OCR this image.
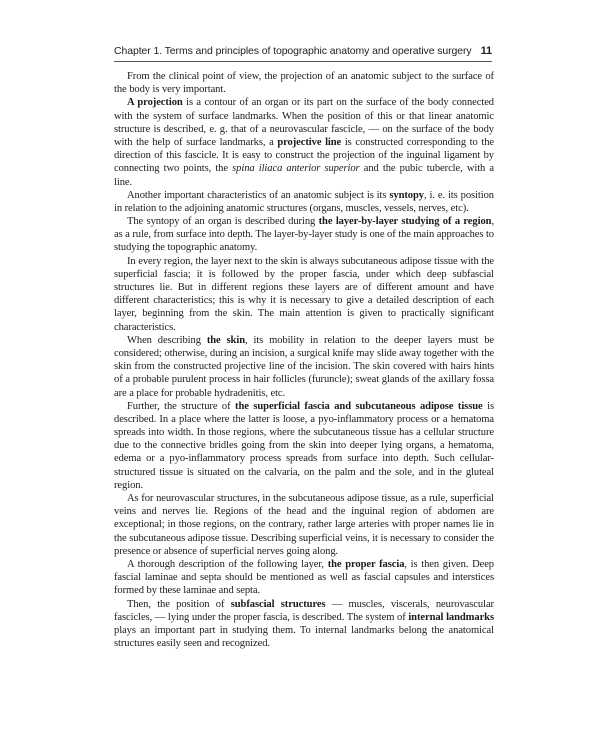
Chapter 1. Terms and principles of topographic anatomy and operative surgery 11

From the clinical point of view, the projection of an anatomic subject to the surface of the body is very important.

A projection is a contour of an organ or its part on the surface of the body connected with the system of surface landmarks. When the position of this or that linear anatomic structure is described, e. g. that of a neurovascular fascicle, — on the surface of the body with the help of surface landmarks, a projective line is constructed corresponding to the direction of this fascicle. It is easy to construct the projection of the inguinal ligament by connecting two points, the spina iliaca anterior superior and the pubic tubercle, with a line.

Another important characteristics of an anatomic subject is its syntopy, i. e. its position in relation to the adjoining anatomic structures (organs, muscles, vessels, nerves, etc).

The syntopy of an organ is described during the layer-by-layer studying of a region, as a rule, from surface into depth. The layer-by-layer study is one of the main approaches to studying the topographic anatomy.

In every region, the layer next to the skin is always subcutaneous adipose tissue with the superficial fascia; it is followed by the proper fascia, under which deep subfascial structures lie. But in different regions these layers are of different amount and have different characteristics; this is why it is necessary to give a detailed description of each layer, beginning from the skin. The main attention is given to practically significant characteristics.

When describing the skin, its mobility in relation to the deeper layers must be considered; otherwise, during an incision, a surgical knife may slide away together with the skin from the constructed projective line of the incision. The skin covered with hairs hints of a probable purulent process in hair follicles (furuncle); sweat glands of the axillary fossa are a place for probable hydradenitis, etc.

Further, the structure of the superficial fascia and subcutaneous adipose tissue is described. In a place where the latter is loose, a pyo-inflammatory process or a hematoma spreads into width. In those regions, where the subcutaneous tissue has a cellular structure due to the connective bridles going from the skin into deeper lying organs, a hematoma, edema or a pyo-inflammatory process spreads from surface into depth. Such cellular-structured tissue is situated on the calvaria, on the palm and the sole, and in the gluteal region.

As for neurovascular structures, in the subcutaneous adipose tissue, as a rule, superficial veins and nerves lie. Regions of the head and the inguinal region of abdomen are exceptional; in those regions, on the contrary, rather large arteries with proper names lie in the subcutaneous adipose tissue. Describing superficial veins, it is necessary to consider the presence or absence of superficial nerves going along.

A thorough description of the following layer, the proper fascia, is then given. Deep fascial laminae and septa should be mentioned as well as fascial capsules and interstices formed by these laminae and septa.

Then, the position of subfascial structures — muscles, viscerals, neurovascular fascicles, — lying under the proper fascia, is described. The system of internal landmarks plays an important part in studying them. To internal landmarks belong the anatomical structures easily seen and recognized.
